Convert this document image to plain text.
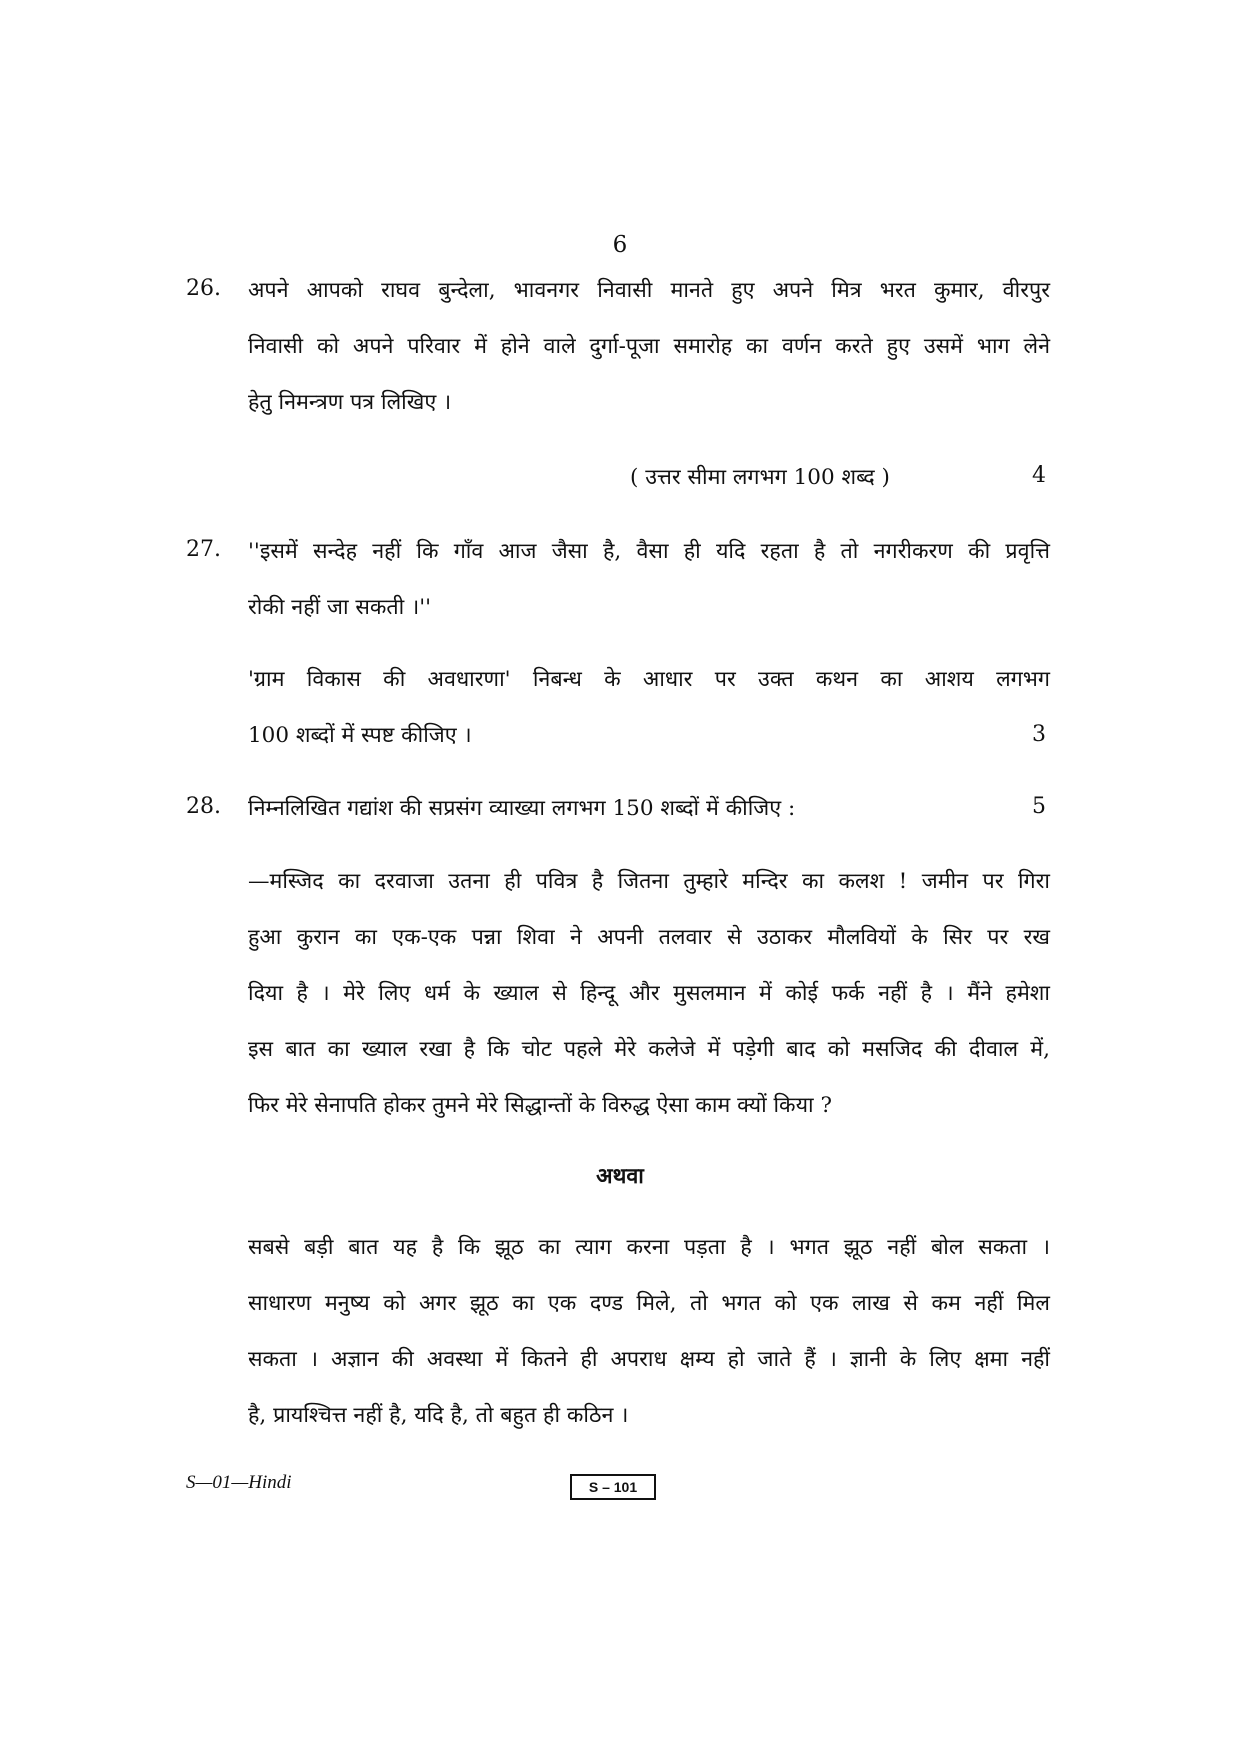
6
26. अपने आपको राघव बुन्देला, भावनगर निवासी मानते हुए अपने मित्र भरत कुमार, वीरपुर
निवासी को अपने परिवार में होने वाले दुर्गा-पूजा समारोह का वर्णन करते हुए उसमें भाग लेने
हेतु निमन्त्रण पत्र लिखिए ।
( उत्तर सीमा लगभग 100 शब्द )	4
27. ''इसमें सन्देह नहीं कि गाँव आज जैसा है, वैसा ही यदि रहता है तो नगरीकरण की प्रवृत्ति
रोकी नहीं जा सकती ।''
'ग्राम विकास की अवधारणा' निबन्ध के आधार पर उक्त कथन का आशय लगभग
100 शब्दों में स्पष्ट कीजिए ।	3
28. निम्नलिखित गद्यांश की सप्रसंग व्याख्या लगभग 150 शब्दों में कीजिए :	5
—मस्जिद का दरवाजा उतना ही पवित्र है जितना तुम्हारे मन्दिर का कलश ! जमीन पर गिरा
हुआ कुरान का एक-एक पन्ना शिवा ने अपनी तलवार से उठाकर मौलवियों के सिर पर रख
दिया है । मेरे लिए धर्म के ख्याल से हिन्दू और मुसलमान में कोई फर्क नहीं है । मैंने हमेशा
इस बात का ख्याल रखा है कि चोट पहले मेरे कलेजे में पड़ेगी बाद को मसजिद की दीवाल में,
फिर मेरे सेनापति होकर तुमने मेरे सिद्धान्तों के विरुद्ध ऐसा काम क्यों किया ?
अथवा
सबसे बड़ी बात यह है कि झूठ का त्याग करना पड़ता है । भगत झूठ नहीं बोल सकता ।
साधारण मनुष्य को अगर झूठ का एक दण्ड मिले, तो भगत को एक लाख से कम नहीं मिल
सकता । अज्ञान की अवस्था में कितने ही अपराध क्षम्य हो जाते हैं । ज्ञानी के लिए क्षमा नहीं
है, प्रायश्चित्त नहीं है, यदि है, तो बहुत ही कठिन ।
S—01—Hindi	S – 101
